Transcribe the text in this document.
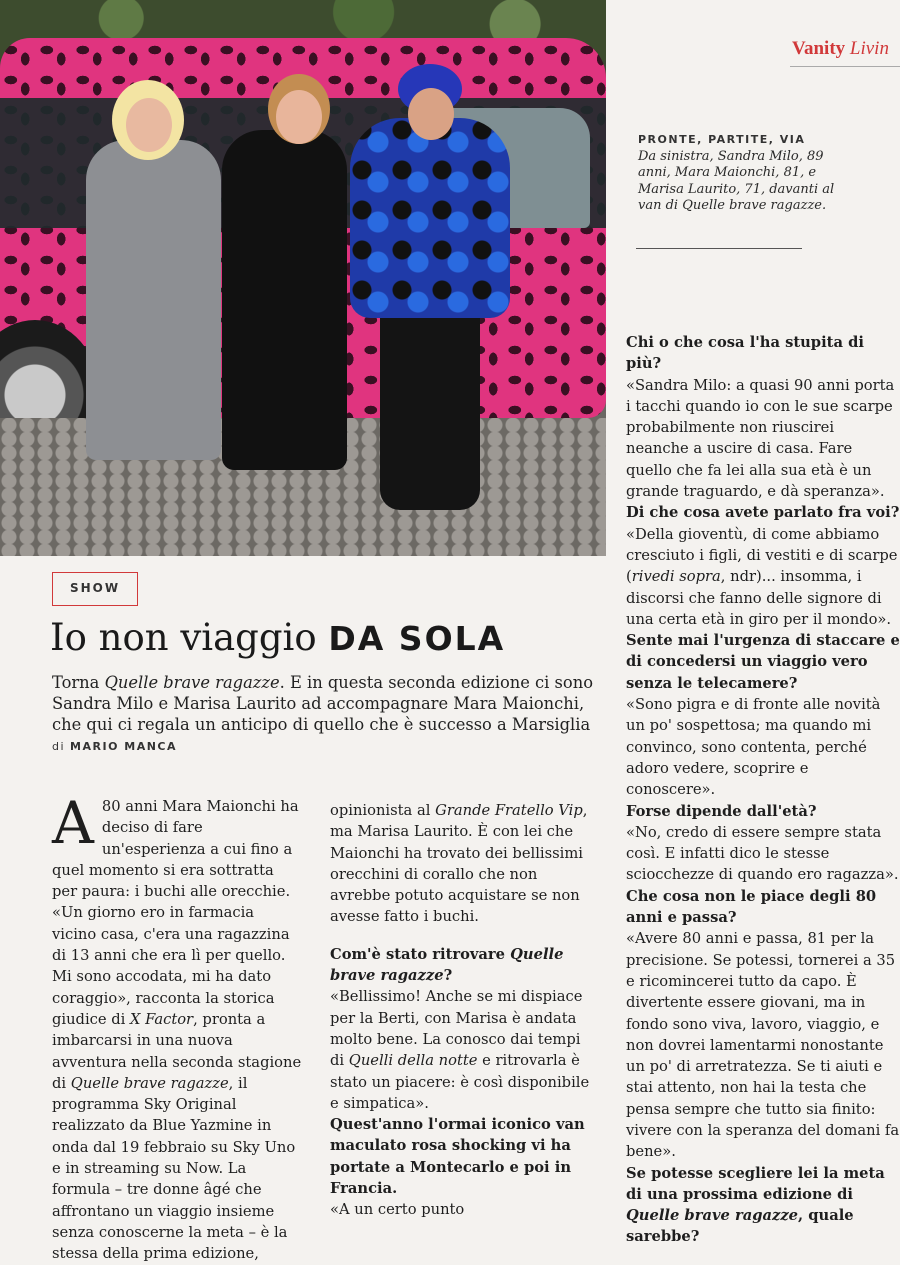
Vanity Livin
PRONTE, PARTITE, VIA
Da sinistra, Sandra Milo, 89 anni, Mara Maionchi, 81, e Marisa Laurito, 71, davanti al van di Quelle brave ragazze.
SHOW
Io non viaggio DA SOLA
Torna Quelle brave ragazze. E in questa seconda edizione ci sono Sandra Milo e Marisa Laurito ad accompagnare Mara Maionchi, che qui ci regala un anticipo di quello che è successo a Marsiglia
di MARIO MANCA
A 80 anni Mara Maionchi ha deciso di fare un'esperienza a cui fino a quel momento si era sottratta per paura: i buchi alle orecchie. «Un giorno ero in farmacia vicino casa, c'era una ragazzina di 13 anni che era lì per quello. Mi sono accodata, mi ha dato coraggio», racconta la storica giudice di X Factor, pronta a imbarcarsi in una nuova avventura nella seconda stagione di Quelle brave ragazze, il programma Sky Original realizzato da Blue Yazmine in onda dal 19 febbraio su Sky Uno e in streaming su Now. La formula – tre donne âgé che affrontano un viaggio insieme senza conoscerne la meta – è la stessa della prima edizione,

opinionista al Grande Fratello Vip, ma Marisa Laurito. È con lei che Maionchi ha trovato dei bellissimi orecchini di corallo che non avrebbe potuto acquistare se non avesse fatto i buchi.

Com'è stato ritrovare Quelle brave ragazze?

«Bellissimo! Anche se mi dispiace per la Berti, con Marisa è andata molto bene. La conosco dai tempi di Quelli della notte e ritrovarla è stato un piacere: è così disponibile e simpatica».

Quest'anno l'ormai iconico van maculato rosa shocking vi ha portate a Montecarlo e poi in Francia.

«A un certo punto

Chi o che cosa l'ha stupita di più?

«Sandra Milo: a quasi 90 anni porta i tacchi quando io con le sue scarpe probabilmente non riuscirei neanche a uscire di casa. Fare quello che fa lei alla sua età è un grande traguardo, e dà speranza».

Di che cosa avete parlato fra voi?

«Della gioventù, di come abbiamo cresciuto i figli, di vestiti e di scarpe (rivedi sopra, ndr)... insomma, i discorsi che fanno delle signore di una certa età in giro per il mondo».

Sente mai l'urgenza di staccare e di concedersi un viaggio vero senza le telecamere?

«Sono pigra e di fronte alle novità un po' sospettosa; ma quando mi convinco, sono contenta, perché adoro vedere, scoprire e conoscere».

Forse dipende dall'età?

«No, credo di essere sempre stata così. E infatti dico le stesse sciocchezze di quando ero ragazza».

Che cosa non le piace degli 80 anni e passa?

«Avere 80 anni e passa, 81 per la precisione. Se potessi, tornerei a 35 e ricomincerei tutto da capo. È divertente essere giovani, ma in fondo sono viva, lavoro, viaggio, e non dovrei lamentarmi nonostante un po' di arretratezza. Se ti aiuti e stai attento, non hai la testa che pensa sempre che tutto sia finito: vivere con la speranza del domani fa bene».

Se potesse scegliere lei la meta di una prossima edizione di Quelle brave ragazze, quale sarebbe?
